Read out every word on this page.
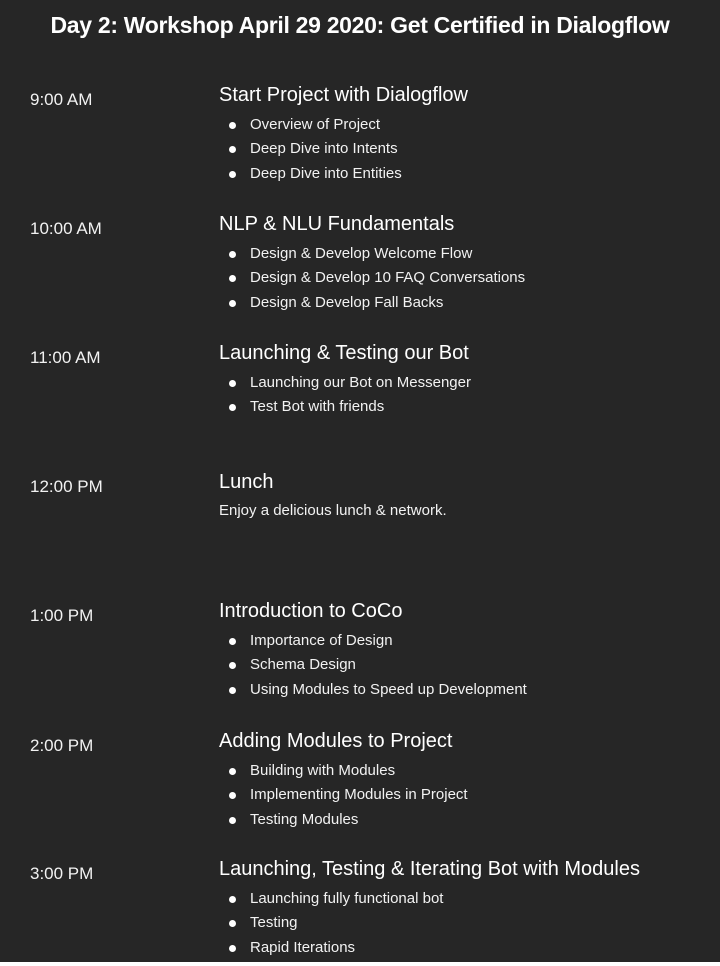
Day 2: Workshop April 29 2020: Get Certified in Dialogflow
9:00 AM	Start Project with Dialogflow
Overview of Project
Deep Dive into Intents
Deep Dive into Entities
10:00 AM	NLP & NLU Fundamentals
Design & Develop Welcome Flow
Design & Develop 10 FAQ Conversations
Design & Develop Fall Backs
11:00 AM	Launching & Testing our Bot
Launching our Bot on Messenger
Test Bot with friends
12:00 PM	Lunch
Enjoy a delicious lunch & network.
1:00 PM	Introduction to CoCo
Importance of Design
Schema Design
Using Modules to Speed up Development
2:00 PM	Adding Modules to Project
Building with Modules
Implementing Modules in Project
Testing Modules
3:00 PM	Launching, Testing & Iterating Bot with Modules
Launching fully functional bot
Testing
Rapid Iterations
